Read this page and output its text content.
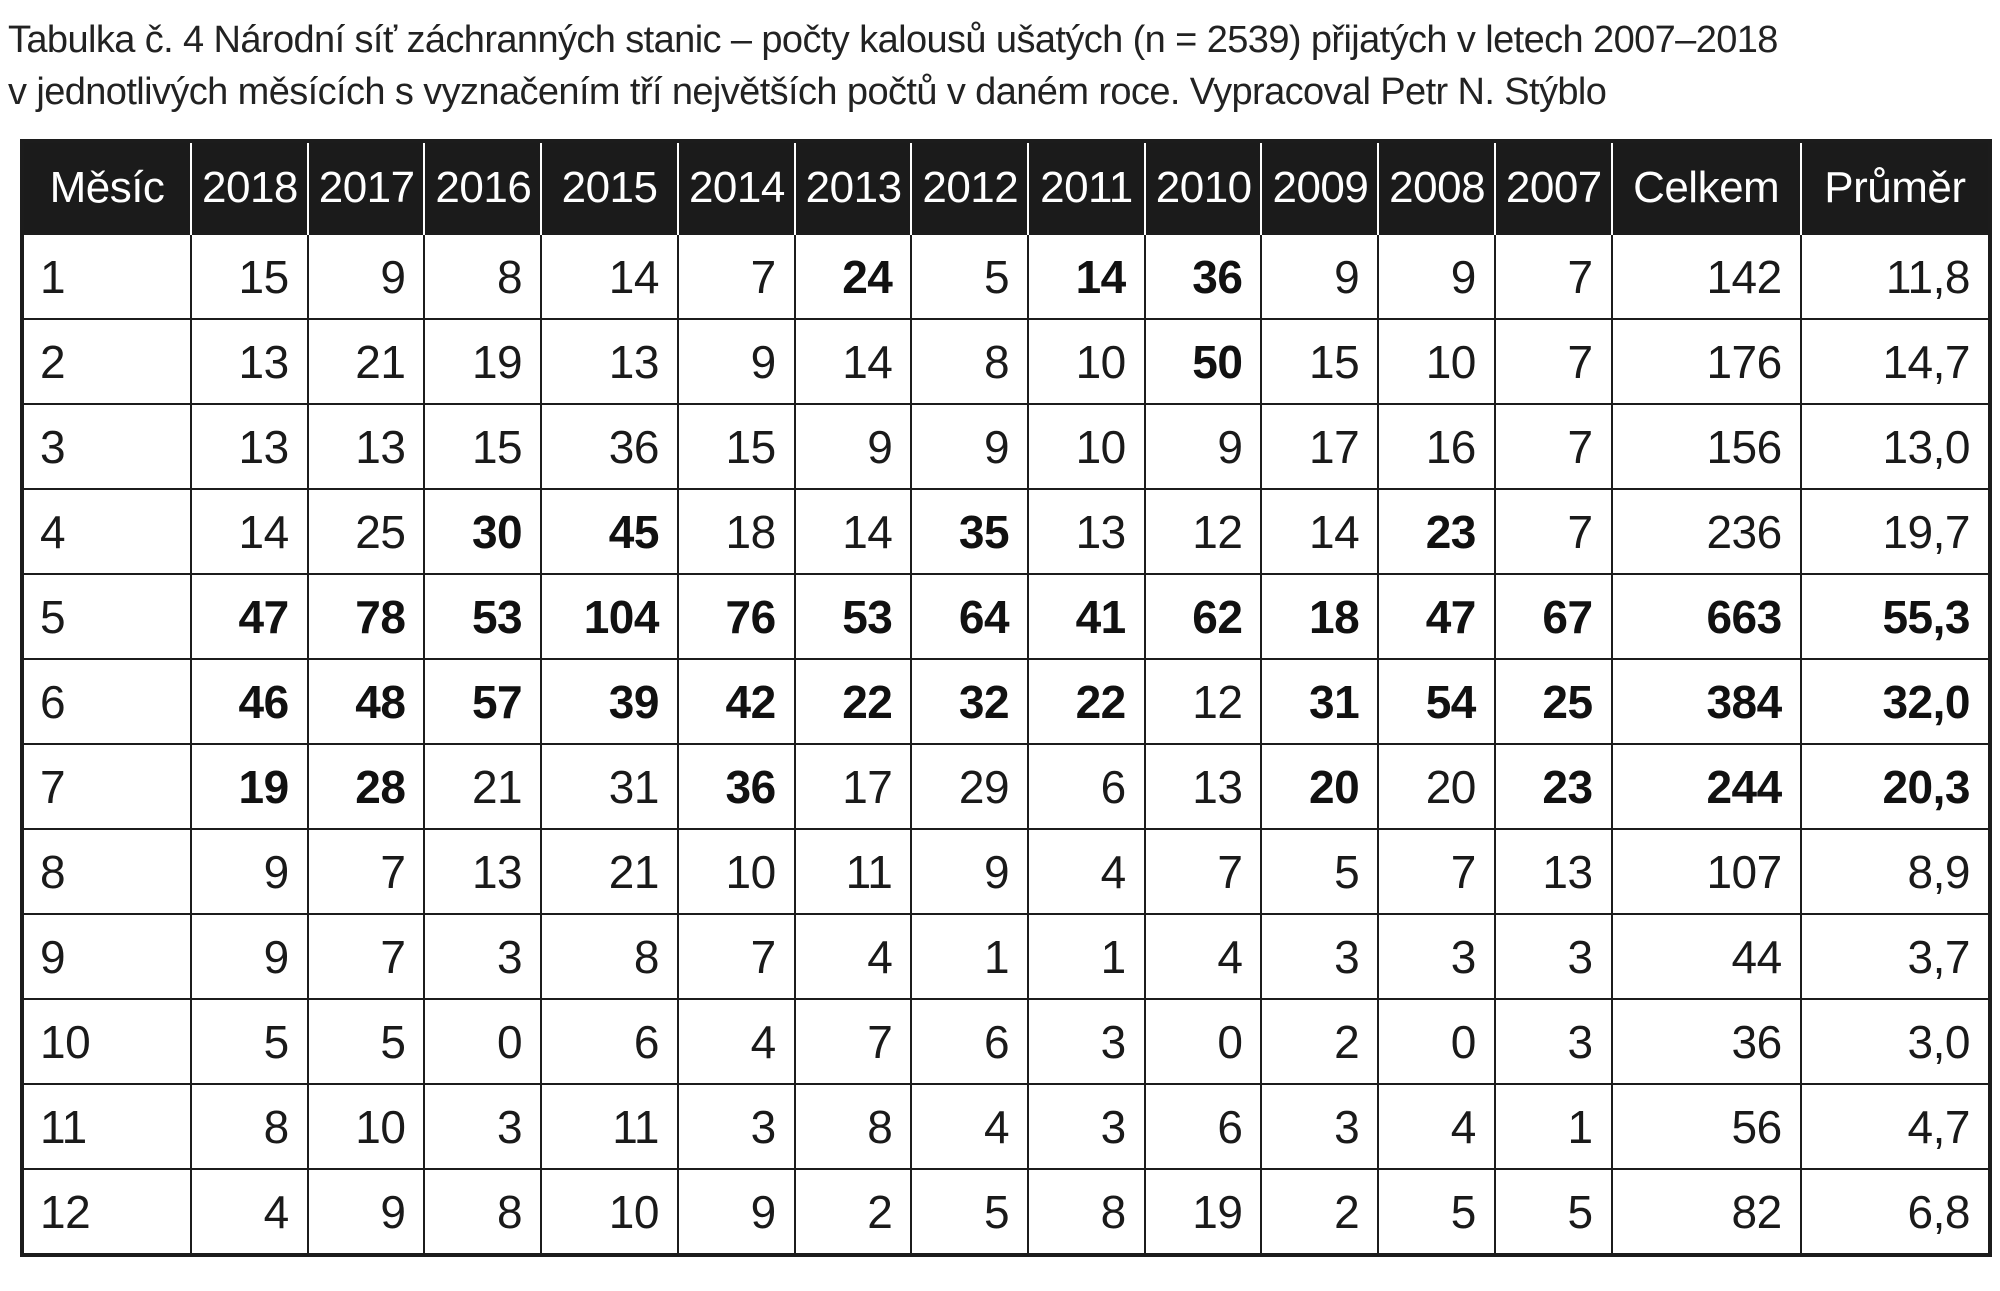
Tabulka č. 4 Národní síť záchranných stanic – počty kalousů ušatých (n = 2539) přijatých v letech 2007–2018
v jednotlivých měsících s vyznačením tří největších počtů v daném roce. Vypracoval Petr N. Stýblo
Měsíc	2018	2017	2016	2015	2014	2013	2012	2011	2010	2009	2008	2007	Celkem	Průměr
1	15	9	8	14	7	24	5	14	36	9	9	7	142	11,8
2	13	21	19	13	9	14	8	10	50	15	10	7	176	14,7
3	13	13	15	36	15	9	9	10	9	17	16	7	156	13,0
4	14	25	30	45	18	14	35	13	12	14	23	7	236	19,7
5	47	78	53	104	76	53	64	41	62	18	47	67	663	55,3
6	46	48	57	39	42	22	32	22	12	31	54	25	384	32,0
7	19	28	21	31	36	17	29	6	13	20	20	23	244	20,3
8	9	7	13	21	10	11	9	4	7	5	7	13	107	8,9
9	9	7	3	8	7	4	1	1	4	3	3	3	44	3,7
10	5	5	0	6	4	7	6	3	0	2	0	3	36	3,0
11	8	10	3	11	3	8	4	3	6	3	4	1	56	4,7
12	4	9	8	10	9	2	5	8	19	2	5	5	82	6,8
